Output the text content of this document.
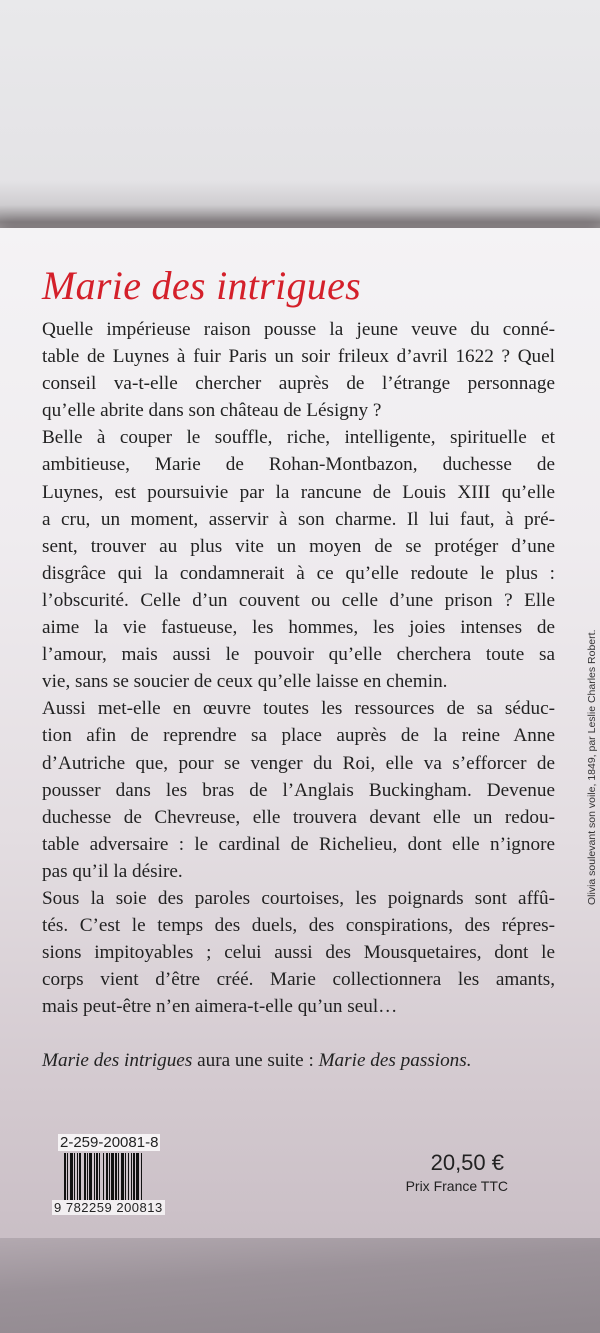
Marie des intrigues
Quelle impérieuse raison pousse la jeune veuve du conné-
table de Luynes à fuir Paris un soir frileux d’avril 1622 ? Quel
conseil va-t-elle chercher auprès de l’étrange personnage
qu’elle abrite dans son château de Lésigny ?
Belle à couper le souffle, riche, intelligente, spirituelle et
ambitieuse, Marie de Rohan-Montbazon, duchesse de
Luynes, est poursuivie par la rancune de Louis XIII qu’elle
a cru, un moment, asservir à son charme. Il lui faut, à pré-
sent, trouver au plus vite un moyen de se protéger d’une
disgrâce qui la condamnerait à ce qu’elle redoute le plus :
l’obscurité. Celle d’un couvent ou celle d’une prison ? Elle
aime la vie fastueuse, les hommes, les joies intenses de
l’amour, mais aussi le pouvoir qu’elle cherchera toute sa
vie, sans se soucier de ceux qu’elle laisse en chemin.
Aussi met-elle en œuvre toutes les ressources de sa séduc-
tion afin de reprendre sa place auprès de la reine Anne
d’Autriche que, pour se venger du Roi, elle va s’efforcer de
pousser dans les bras de l’Anglais Buckingham. Devenue
duchesse de Chevreuse, elle trouvera devant elle un redou-
table adversaire : le cardinal de Richelieu, dont elle n’ignore
pas qu’il la désire.
Sous la soie des paroles courtoises, les poignards sont affû-
tés. C’est le temps des duels, des conspirations, des répres-
sions impitoyables ; celui aussi des Mousquetaires, dont le
corps vient d’être créé. Marie collectionnera les amants,
mais peut-être n’en aimera-t-elle qu’un seul…
Marie des intrigues aura une suite : Marie des passions.
2-259-20081-8
9 782259 200813
20,50 €
Prix France TTC
Olivia soulevant son voile, 1849, par Leslie Charles Robert.
